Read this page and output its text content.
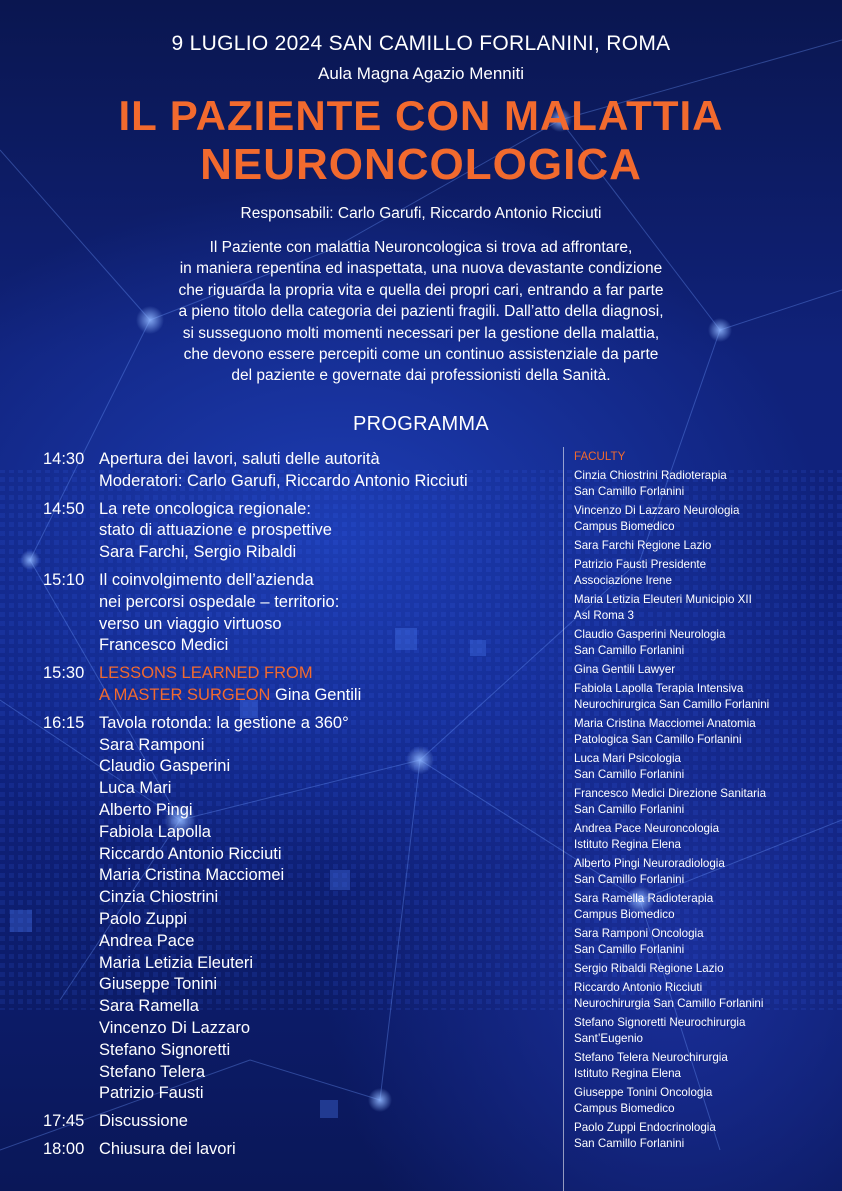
9 LUGLIO 2024 SAN CAMILLO FORLANINI, ROMA
Aula Magna Agazio Menniti
IL PAZIENTE CON MALATTIA
NEURONCOLOGICA
Responsabili: Carlo Garufi, Riccardo Antonio Ricciuti
Il Paziente con malattia Neuroncologica si trova ad affrontare,
in maniera repentina ed inaspettata, una nuova devastante condizione
che riguarda la propria vita e quella dei propri cari, entrando a far parte
a pieno titolo della categoria dei pazienti fragili. Dall’atto della diagnosi,
si susseguono molti momenti necessari per la gestione della malattia,
che devono essere percepiti come un continuo assistenziale da parte
del paziente e governate dai professionisti della Sanità.
PROGRAMMA
14:30 Apertura dei lavori, saluti delle autorità
Moderatori: Carlo Garufi, Riccardo Antonio Ricciuti
14:50 La rete oncologica regionale:
stato di attuazione e prospettive
Sara Farchi, Sergio Ribaldi
15:10 Il coinvolgimento dell’azienda
nei percorsi ospedale – territorio:
verso un viaggio virtuoso
Francesco Medici
15:30 LESSONS LEARNED FROM
A MASTER SURGEON Gina Gentili
16:15 Tavola rotonda: la gestione a 360°
Sara Ramponi
Claudio Gasperini
Luca Mari
Alberto Pingi
Fabiola Lapolla
Riccardo Antonio Ricciuti
Maria Cristina Macciomei
Cinzia Chiostrini
Paolo Zuppi
Andrea Pace
Maria Letizia Eleuteri
Giuseppe Tonini
Sara Ramella
Vincenzo Di Lazzaro
Stefano Signoretti
Stefano Telera
Patrizio Fausti
17:45 Discussione
18:00 Chiusura dei lavori
FACULTY
Cinzia Chiostrini Radioterapia
San Camillo Forlanini
Vincenzo Di Lazzaro Neurologia
Campus Biomedico
Sara Farchi Regione Lazio
Patrizio Fausti Presidente
Associazione Irene
Maria Letizia Eleuteri Municipio XII
Asl Roma 3
Claudio Gasperini Neurologia
San Camillo Forlanini
Gina Gentili Lawyer
Fabiola Lapolla Terapia Intensiva
Neurochirurgica San Camillo Forlanini
Maria Cristina Macciomei Anatomia
Patologica San Camillo Forlanini
Luca Mari Psicologia
San Camillo Forlanini
Francesco Medici Direzione Sanitaria
San Camillo Forlanini
Andrea Pace Neuroncologia
Istituto Regina Elena
Alberto Pingi Neuroradiologia
San Camillo Forlanini
Sara Ramella Radioterapia
Campus Biomedico
Sara Ramponi Oncologia
San Camillo Forlanini
Sergio Ribaldi Regione Lazio
Riccardo Antonio Ricciuti
Neurochirurgia San Camillo Forlanini
Stefano Signoretti Neurochirurgia
Sant’Eugenio
Stefano Telera Neurochirurgia
Istituto Regina Elena
Giuseppe Tonini Oncologia
Campus Biomedico
Paolo Zuppi Endocrinologia
San Camillo Forlanini
